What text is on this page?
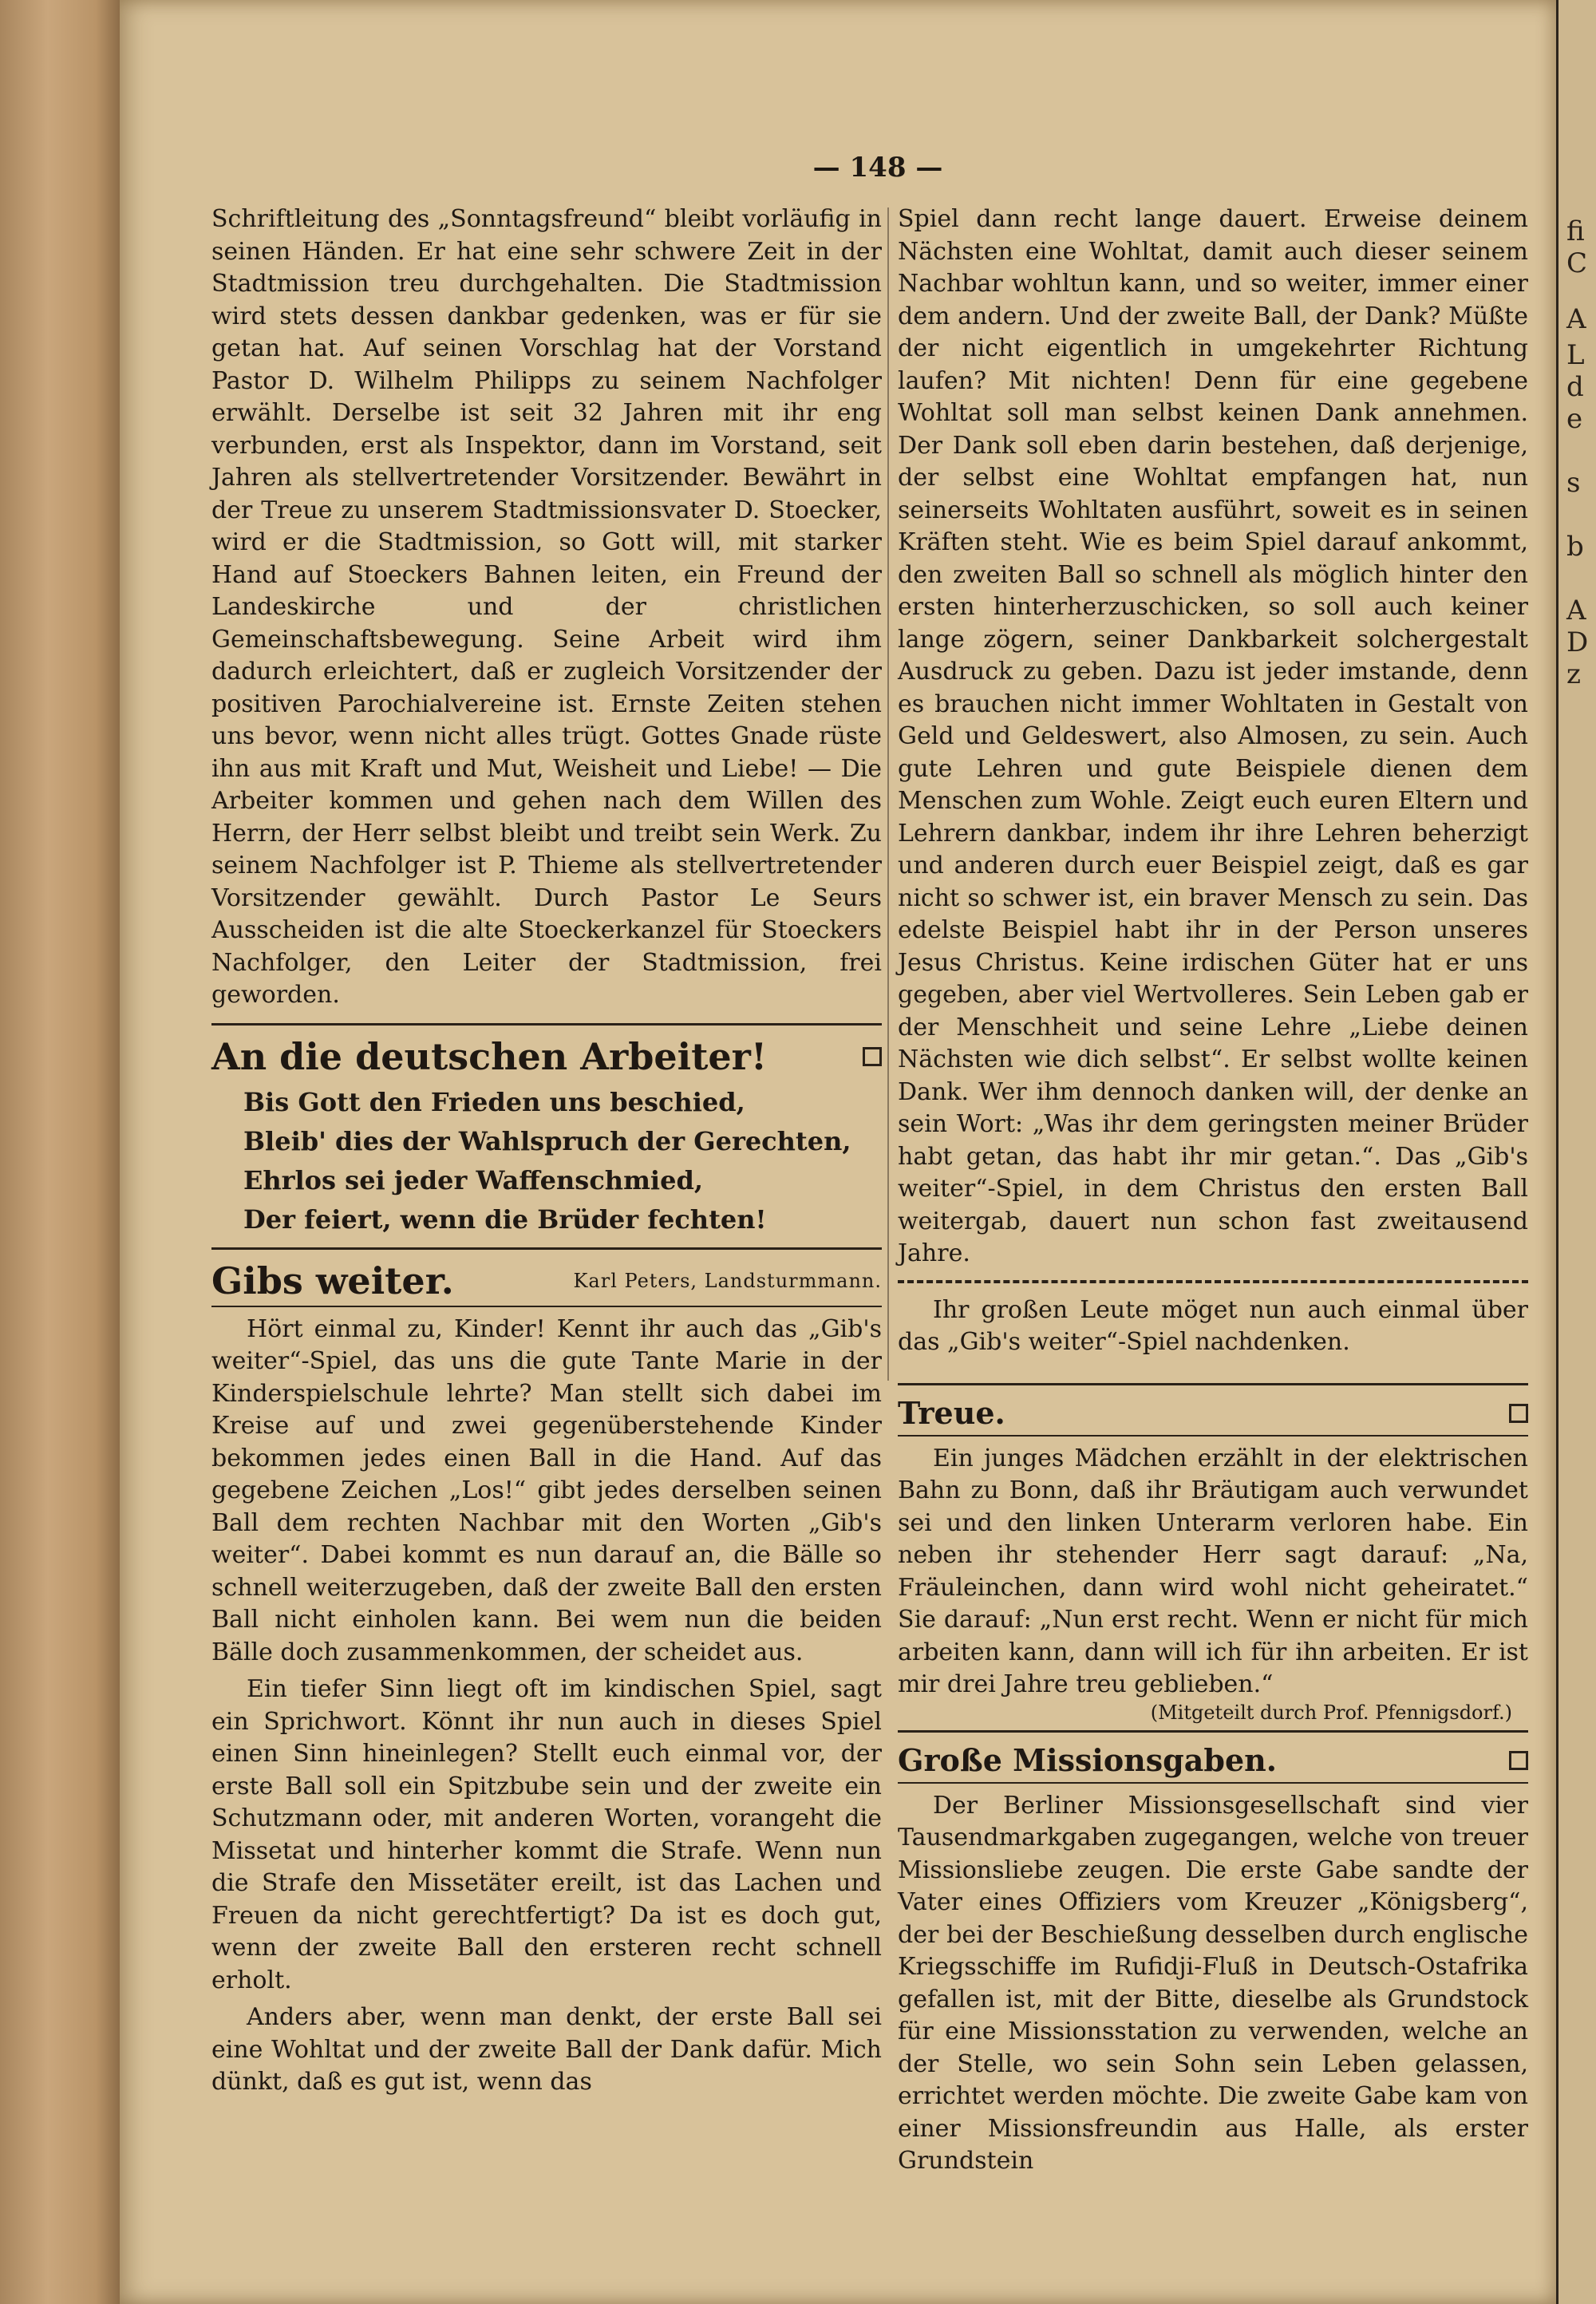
fi
C
A
L
d
e
s
b
A
D
z
— 148 —

Schriftleitung des „Sonntagsfreund“ bleibt vorläufig in seinen Händen. Er hat eine sehr schwere Zeit in der Stadtmission treu durchgehalten. Die Stadtmission wird stets dessen dankbar gedenken, was er für sie getan hat. Auf seinen Vorschlag hat der Vorstand Pastor D. Wilhelm Philipps zu seinem Nachfolger erwählt. Derselbe ist seit 32 Jahren mit ihr eng verbunden, erst als Inspektor, dann im Vorstand, seit Jahren als stellvertretender Vorsitzender. Bewährt in der Treue zu unserem Stadtmissionsvater D. Stoecker, wird er die Stadtmission, so Gott will, mit starker Hand auf Stoeckers Bahnen leiten, ein Freund der Landeskirche und der christlichen Gemeinschaftsbewegung. Seine Arbeit wird ihm dadurch erleichtert, daß er zugleich Vorsitzender der positiven Parochialvereine ist. Ernste Zeiten stehen uns bevor, wenn nicht alles trügt. Gottes Gnade rüste ihn aus mit Kraft und Mut, Weisheit und Liebe! — Die Arbeiter kommen und gehen nach dem Willen des Herrn, der Herr selbst bleibt und treibt sein Werk. Zu seinem Nachfolger ist P. Thieme als stellvertretender Vorsitzender gewählt. Durch Pastor Le Seurs Ausscheiden ist die alte Stoeckerkanzel für Stoeckers Nachfolger, den Leiter der Stadtmission, frei geworden.

An die deutschen Arbeiter!
Bis Gott den Frieden uns beschied,
Bleib' dies der Wahlspruch der Gerechten,
Ehrlos sei jeder Waffenschmied,
Der feiert, wenn die Brüder fechten!
Gibs weiter.	Karl Peters, Landsturmmann.

Hört einmal zu, Kinder! Kennt ihr auch das „Gib's weiter“-Spiel, das uns die gute Tante Marie in der Kinderspielschule lehrte? Man stellt sich dabei im Kreise auf und zwei gegenüberstehende Kinder bekommen jedes einen Ball in die Hand. Auf das gegebene Zeichen „Los!“ gibt jedes derselben seinen Ball dem rechten Nachbar mit den Worten „Gib's weiter“. Dabei kommt es nun darauf an, die Bälle so schnell weiterzugeben, daß der zweite Ball den ersten Ball nicht einholen kann. Bei wem nun die beiden Bälle doch zusammenkommen, der scheidet aus.

Ein tiefer Sinn liegt oft im kindischen Spiel, sagt ein Sprichwort. Könnt ihr nun auch in dieses Spiel einen Sinn hineinlegen? Stellt euch einmal vor, der erste Ball soll ein Spitzbube sein und der zweite ein Schutzmann oder, mit anderen Worten, vorangeht die Missetat und hinterher kommt die Strafe. Wenn nun die Strafe den Missetäter ereilt, ist das Lachen und Freuen da nicht gerechtfertigt? Da ist es doch gut, wenn der zweite Ball den ersteren recht schnell erholt.

Anders aber, wenn man denkt, der erste Ball sei eine Wohltat und der zweite Ball der Dank dafür. Mich dünkt, daß es gut ist, wenn das

Spiel dann recht lange dauert. Erweise deinem Nächsten eine Wohltat, damit auch dieser seinem Nachbar wohltun kann, und so weiter, immer einer dem andern. Und der zweite Ball, der Dank? Müßte der nicht eigentlich in umgekehrter Richtung laufen? Mit nichten! Denn für eine gegebene Wohltat soll man selbst keinen Dank annehmen. Der Dank soll eben darin bestehen, daß derjenige, der selbst eine Wohltat empfangen hat, nun seinerseits Wohltaten ausführt, soweit es in seinen Kräften steht. Wie es beim Spiel darauf ankommt, den zweiten Ball so schnell als möglich hinter den ersten hinterherzuschicken, so soll auch keiner lange zögern, seiner Dankbarkeit solchergestalt Ausdruck zu geben. Dazu ist jeder imstande, denn es brauchen nicht immer Wohltaten in Gestalt von Geld und Geldeswert, also Almosen, zu sein. Auch gute Lehren und gute Beispiele dienen dem Menschen zum Wohle. Zeigt euch euren Eltern und Lehrern dankbar, indem ihr ihre Lehren beherzigt und anderen durch euer Beispiel zeigt, daß es gar nicht so schwer ist, ein braver Mensch zu sein. Das edelste Beispiel habt ihr in der Person unseres Jesus Christus. Keine irdischen Güter hat er uns gegeben, aber viel Wertvolleres. Sein Leben gab er der Menschheit und seine Lehre „Liebe deinen Nächsten wie dich selbst“. Er selbst wollte keinen Dank. Wer ihm dennoch danken will, der denke an sein Wort: „Was ihr dem geringsten meiner Brüder habt getan, das habt ihr mir getan.“. Das „Gib's weiter“-Spiel, in dem Christus den ersten Ball weitergab, dauert nun schon fast zweitausend Jahre.

Ihr großen Leute möget nun auch einmal über das „Gib's weiter“-Spiel nachdenken.

Treue.

Ein junges Mädchen erzählt in der elektrischen Bahn zu Bonn, daß ihr Bräutigam auch verwundet sei und den linken Unterarm verloren habe. Ein neben ihr stehender Herr sagt darauf: „Na, Fräuleinchen, dann wird wohl nicht geheiratet.“ Sie darauf: „Nun erst recht. Wenn er nicht für mich arbeiten kann, dann will ich für ihn arbeiten. Er ist mir drei Jahre treu geblieben.“

(Mitgeteilt durch Prof. Pfennigsdorf.)

Große Missionsgaben.

Der Berliner Missionsgesellschaft sind vier Tausendmarkgaben zugegangen, welche von treuer Missionsliebe zeugen. Die erste Gabe sandte der Vater eines Offiziers vom Kreuzer „Königsberg“, der bei der Beschießung desselben durch englische Kriegsschiffe im Rufidji-Fluß in Deutsch-Ostafrika gefallen ist, mit der Bitte, dieselbe als Grundstock für eine Missionsstation zu verwenden, welche an der Stelle, wo sein Sohn sein Leben gelassen, errichtet werden möchte. Die zweite Gabe kam von einer Missionsfreundin aus Halle, als erster Grundstein
